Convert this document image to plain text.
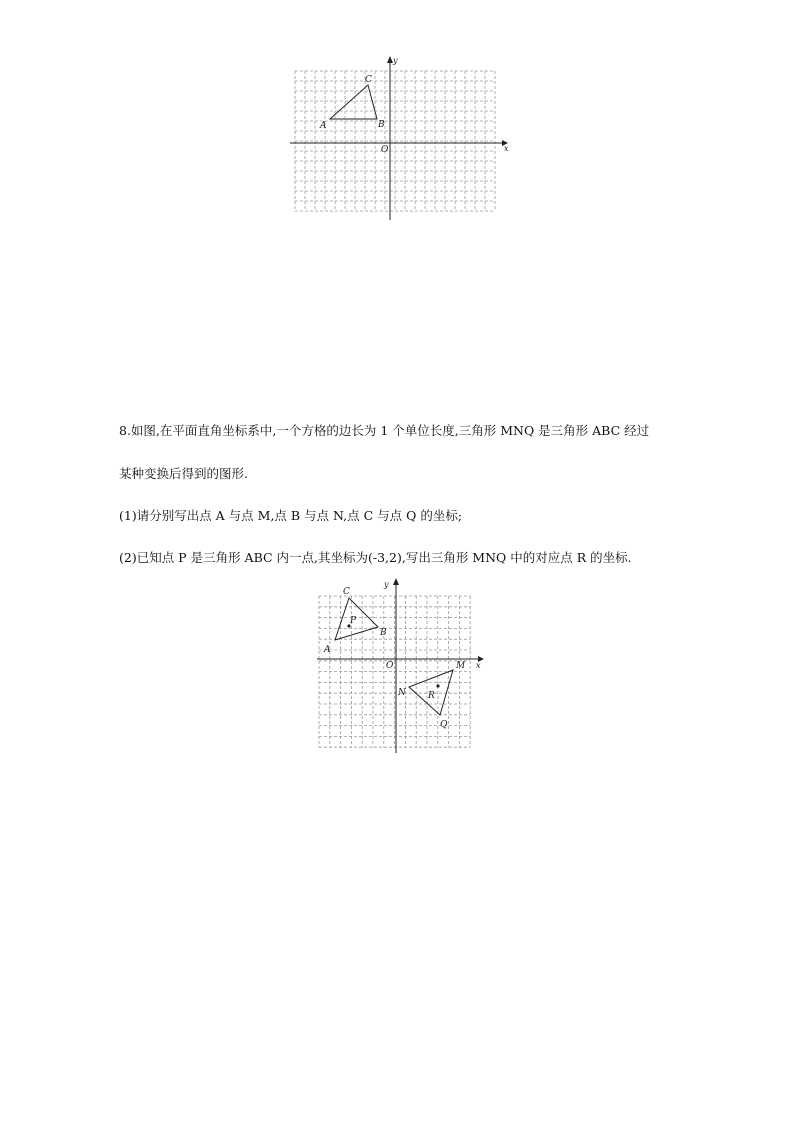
x
y
O
A	B
C
8.如图,在平面直角坐标系中,一个方格的边长为 1 个单位长度,三角形 MNQ 是三角形 ABC 经过
某种变换后得到的图形.
(1)请分别写出点 A 与点 M,点 B 与点 N,点 C 与点 Q 的坐标;
(2)已知点 P 是三角形 ABC 内一点,其坐标为(-3,2),写出三角形 MNQ 中的对应点 R 的坐标.
x
y
O
A
B
C
P
M
N
Q
R
